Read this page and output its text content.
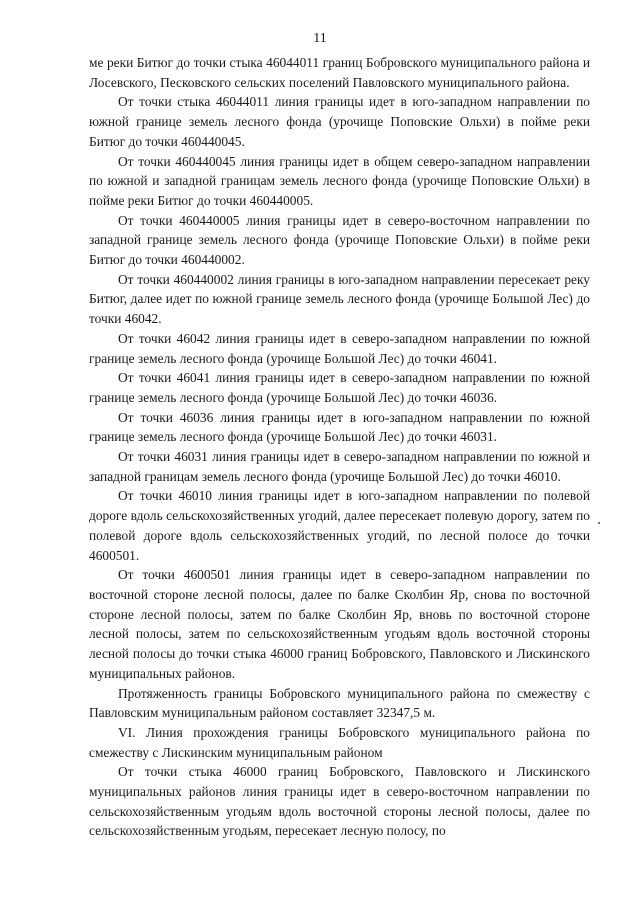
11

ме реки Битюг до точки стыка 46044011 границ Бобровского муниципального района и Лосевского, Песковского сельских поселений Павловского муниципального района.

От точки стыка 46044011 линия границы идет в юго-западном направлении по южной границе земель лесного фонда (урочище Поповские Ольхи) в пойме реки Битюг до точки 460440045.

От точки 460440045 линия границы идет в общем северо-западном направлении по южной и западной границам земель лесного фонда (урочище Поповские Ольхи) в пойме реки Битюг до точки 460440005.

От точки 460440005 линия границы идет в северо-восточном направлении по западной границе земель лесного фонда (урочище Поповские Ольхи) в пойме реки Битюг до точки 460440002.

От точки 460440002 линия границы в юго-западном направлении пересекает реку Битюг, далее идет по южной границе земель лесного фонда (урочище Большой Лес) до точки 46042.

От точки 46042 линия границы идет в северо-западном направлении по южной границе земель лесного фонда (урочище Большой Лес) до точки 46041.

От точки 46041 линия границы идет в северо-западном направлении по южной границе земель лесного фонда (урочище Большой Лес) до точки 46036.

От точки 46036 линия границы идет в юго-западном направлении по южной границе земель лесного фонда (урочище Большой Лес) до точки 46031.

От точки 46031 линия границы идет в северо-западном направлении по южной и западной границам земель лесного фонда (урочище Большой Лес) до точки 46010.

От точки 46010 линия границы идет в юго-западном направлении по полевой дороге вдоль сельскохозяйственных угодий, далее пересекает полевую дорогу, затем по полевой дороге вдоль сельскохозяйственных угодий, по лесной полосе до точки 4600501.

От точки 4600501 линия границы идет в северо-западном направлении по восточной стороне лесной полосы, далее по балке Сколбин Яр, снова по восточной стороне лесной полосы, затем по балке Сколбин Яр, вновь по восточной стороне лесной полосы, затем по сельскохозяйственным угодьям вдоль восточной стороны лесной полосы до точки стыка 46000 границ Бобровского, Павловского и Лискинского муниципальных районов.

Протяженность границы Бобровского муниципального района по смежеству с Павловским муниципальным районом составляет 32347,5 м.

VI. Линия прохождения границы Бобровского муниципального района по смежеству с Лискинским муниципальным районом

От точки стыка 46000 границ Бобровского, Павловского и Лискинского муниципальных районов линия границы идет в северо-восточном направлении по сельскохозяйственным угодьям вдоль восточной стороны лесной полосы, далее по сельскохозяйственным угодьям, пересекает лесную полосу, по
